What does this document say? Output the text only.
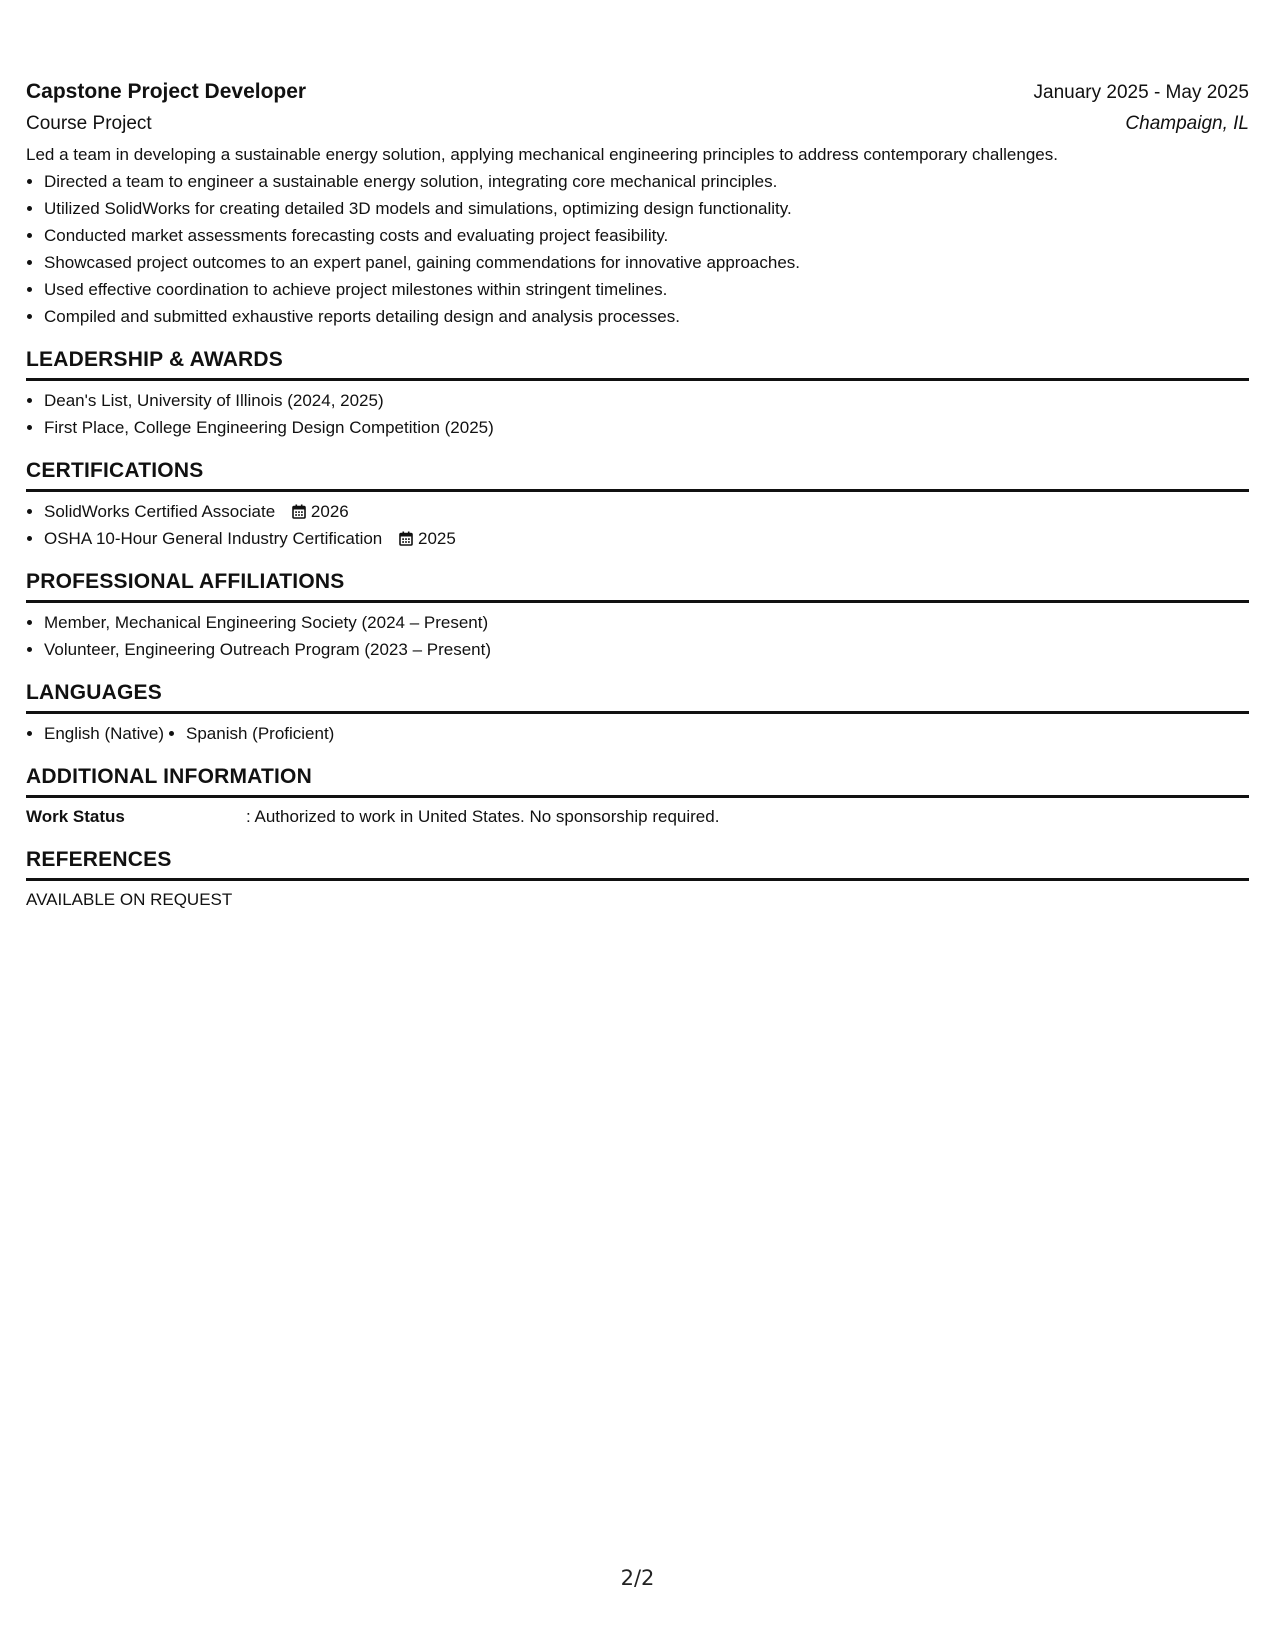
Capstone Project Developer	January 2025 - May 2025
Course Project	Champaign, IL
Led a team in developing a sustainable energy solution, applying mechanical engineering principles to address contemporary challenges.
• Directed a team to engineer a sustainable energy solution, integrating core mechanical principles.
• Utilized SolidWorks for creating detailed 3D models and simulations, optimizing design functionality.
• Conducted market assessments forecasting costs and evaluating project feasibility.
• Showcased project outcomes to an expert panel, gaining commendations for innovative approaches.
• Used effective coordination to achieve project milestones within stringent timelines.
• Compiled and submitted exhaustive reports detailing design and analysis processes.
LEADERSHIP & AWARDS
• Dean's List, University of Illinois (2024, 2025)
• First Place, College Engineering Design Competition (2025)
CERTIFICATIONS
• SolidWorks Certified Associate 2026
• OSHA 10-Hour General Industry Certification 2025
PROFESSIONAL AFFILIATIONS
• Member, Mechanical Engineering Society (2024 – Present)
• Volunteer, Engineering Outreach Program (2023 – Present)
LANGUAGES
• English (Native)
• Spanish (Proficient)
ADDITIONAL INFORMATION
Work Status	: Authorized to work in United States. No sponsorship required.
REFERENCES
AVAILABLE ON REQUEST
2/2
